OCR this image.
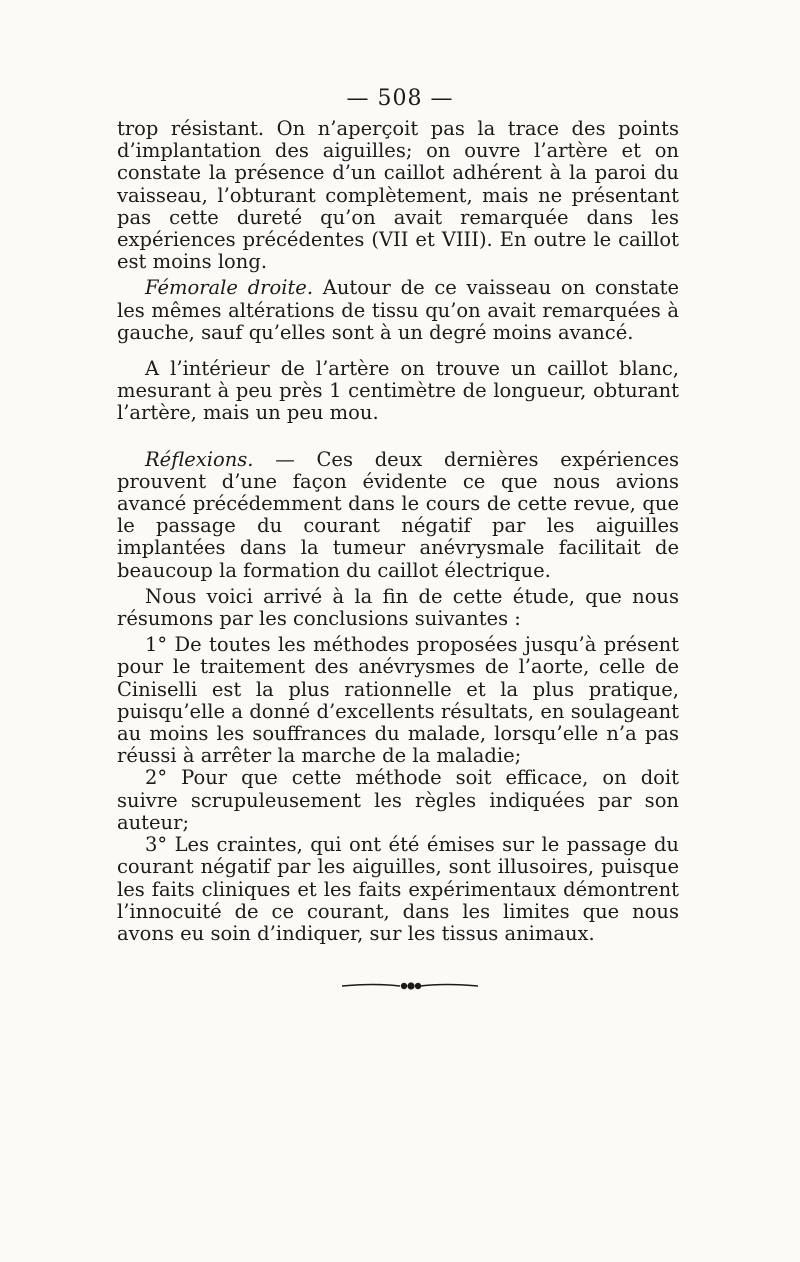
— 508 —

trop résistant. On n’aperçoit pas la trace des points d’implantation des aiguilles; on ouvre l’artère et on constate la présence d’un caillot adhérent à la paroi du vaisseau, l’obturant complètement, mais ne présentant pas cette dureté qu’on avait remarquée dans les expériences précédentes (VII et VIII). En outre le caillot est moins long.

Fémorale droite. Autour de ce vaisseau on constate les mêmes altérations de tissu qu’on avait remarquées à gauche, sauf qu’elles sont à un degré moins avancé.

A l’intérieur de l’artère on trouve un caillot blanc, mesurant à peu près 1 centimètre de longueur, obturant l’artère, mais un peu mou.

Réflexions. — Ces deux dernières expériences prouvent d’une façon évidente ce que nous avions avancé précédemment dans le cours de cette revue, que le passage du courant négatif par les aiguilles implantées dans la tumeur anévrysmale facilitait de beaucoup la formation du caillot électrique.

Nous voici arrivé à la fin de cette étude, que nous résumons par les conclusions suivantes :

1° De toutes les méthodes proposées jusqu’à présent pour le traitement des anévrysmes de l’aorte, celle de Ciniselli est la plus rationnelle et la plus pratique, puisqu’elle a donné d’excellents résultats, en soulageant au moins les souffrances du malade, lorsqu’elle n’a pas réussi à arrêter la marche de la maladie;

2° Pour que cette méthode soit efficace, on doit suivre scrupuleusement les règles indiquées par son auteur;

3° Les craintes, qui ont été émises sur le passage du courant négatif par les aiguilles, sont illusoires, puisque les faits cliniques et les faits expérimentaux démontrent l’innocuité de ce courant, dans les limites que nous avons eu soin d’indiquer, sur les tissus animaux.
